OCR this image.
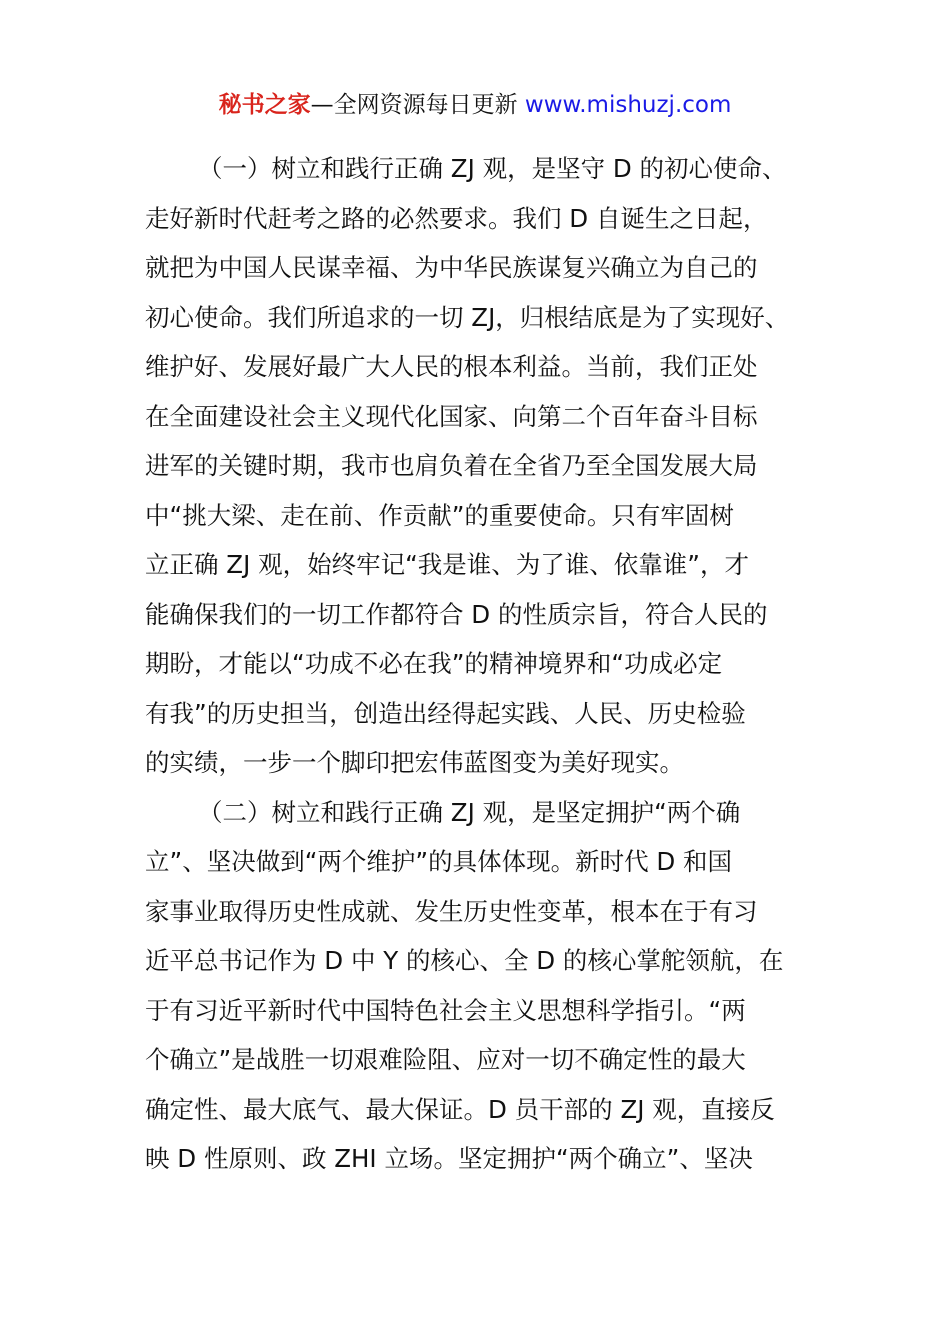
秘书之家—全网资源每日更新 www.mishuzj.com
（一）树立和践行正确 ZJ 观，是坚守 D 的初心使命、
走好新时代赶考之路的必然要求。我们 D 自诞生之日起，
就把为中国人民谋幸福、为中华民族谋复兴确立为自己的
初心使命。我们所追求的一切 ZJ，归根结底是为了实现好、
维护好、发展好最广大人民的根本利益。当前，我们正处
在全面建设社会主义现代化国家、向第二个百年奋斗目标
进军的关键时期，我市也肩负着在全省乃至全国发展大局
中“挑大梁、走在前、作贡献”的重要使命。只有牢固树
立正确 ZJ 观，始终牢记“我是谁、为了谁、依靠谁”，才
能确保我们的一切工作都符合 D 的性质宗旨，符合人民的
期盼，才能以“功成不必在我”的精神境界和“功成必定
有我”的历史担当，创造出经得起实践、人民、历史检验
的实绩，一步一个脚印把宏伟蓝图变为美好现实。
（二）树立和践行正确 ZJ 观，是坚定拥护“两个确
立”、坚决做到“两个维护”的具体体现。新时代 D 和国
家事业取得历史性成就、发生历史性变革，根本在于有习
近平总书记作为 D 中 Y 的核心、全 D 的核心掌舵领航，在
于有习近平新时代中国特色社会主义思想科学指引。“两
个确立”是战胜一切艰难险阻、应对一切不确定性的最大
确定性、最大底气、最大保证。D 员干部的 ZJ 观，直接反
映 D 性原则、政 ZHI 立场。坚定拥护“两个确立”、坚决
